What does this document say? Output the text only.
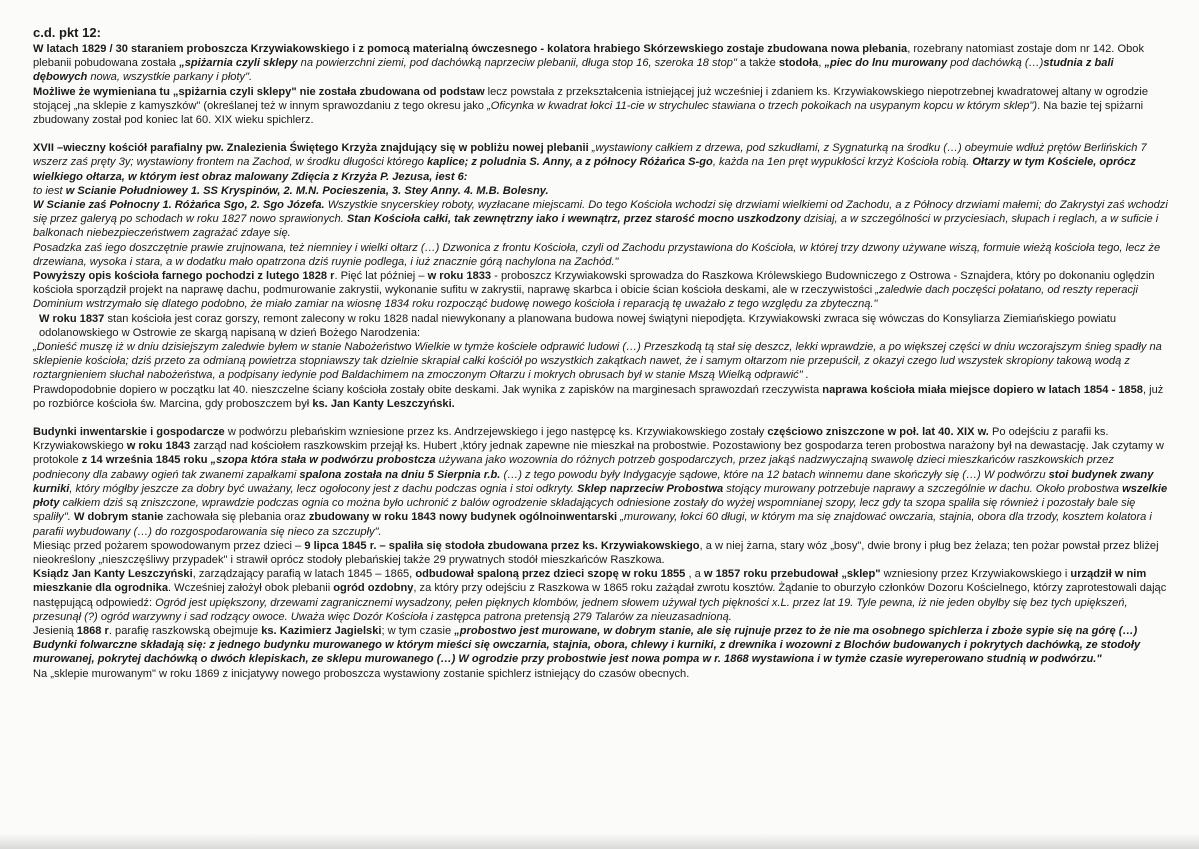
c.d. pkt 12:

W latach 1829 / 30 staraniem proboszcza Krzywiakowskiego i z pomocą materialną ówczesnego - kolatora hrabiego Skórzewskiego zostaje zbudowana nowa plebania, rozebrany natomiast zostaje dom nr 142. Obok plebanii pobudowana została „spiżarnia czyli sklepy na powierzchni ziemi, pod dachówką naprzeciw plebanii, długa stop 16, szeroka 18 stop" a także stodoła, „piec do lnu murowany pod dachówką (…)studnia z bali dębowych nowa, wszystkie parkany i płoty".

Możliwe że wymieniana tu „spiżarnia czyli sklepy" nie została zbudowana od podstaw lecz powstała z przekształcenia istniejącej już wcześniej i zdaniem ks. Krzywiakowskiego niepotrzebnej kwadratowej altany w ogrodzie stojącej „na sklepie z kamyszków" (określanej też w innym sprawozdaniu z tego okresu jako „Oficynka w kwadrat łokci 11-cie w strychulec stawiana o trzech pokoikach na usypanym kopcu w którym sklep"). Na bazie tej spiżarni zbudowany został pod koniec lat 60. XIX wieku spichlerz.

XVII –wieczny kościół parafialny pw. Znalezienia Świętego Krzyża znajdujący się w pobliżu nowej plebanii „wystawiony całkiem z drzewa, pod szkudłami, z Sygnaturką na środku (…) obeymuie wdłuż prętów Berlińskich 7 wszerz zaś pręty 3y; wystawiony frontem na Zachod, w środku długości którego kaplice; z poludnia S. Anny, a z północy Różańca S-go, każda na 1en pręt wypukłości krzyż Kościoła robią. Ołtarzy w tym Kościele, oprócz wielkiego ołtarza, w którym iest obraz malowany Zdięcia z Krzyża P. Jezusa, iest 6:

to iest w Scianie Południowey 1. SS Kryspinów, 2. M.N. Pocieszenia, 3. Stey Anny. 4. M.B. Bolesny.

W Scianie zaś Połnocny 1. Różańca Sgo, 2. Sgo Józefa. Wszystkie snycerskiey roboty, wyzłacane miejscami. Do tego Kościoła wchodzi się drzwiami wielkiemi od Zachodu, a z Północy drzwiami małemi; do Zakrystyi zaś wchodzi się przez galeryą po schodach w roku 1827 nowo sprawionych. Stan Kościoła całki, tak zewnętrzny iako i wewnątrz, przez starość mocno uszkodzony dzisiaj, a w szczególności w przyciesiach, słupach i reglach, a w suficie i balkonach niebezpieczeństwem zagrażać zdaye się.

Posadzka zaś iego doszczętnie prawie zrujnowana, też niemniey i wielki ołtarz (…) Dzwonica z frontu Kościoła, czyli od Zachodu przystawiona do Kościoła, w której trzy dzwony używane wiszą, formuie wieżą kościoła tego, lecz że drzewiana, wysoka i stara, a w dodatku mało opatrzona dziś ruynie podlega, i iuż znacznie górą nachylona na Zachód."

Powyższy opis kościoła farnego pochodzi z lutego 1828 r. Pięć lat później – w roku 1833 - proboszcz Krzywiakowski sprowadza do Raszkowa Królewskiego Budowniczego z Ostrowa - Sznajdera, który po dokonaniu oględzin kościoła sporządził projekt na naprawę dachu, podmurowanie zakrystii, wykonanie sufitu w zakrystii, naprawę skarbca i obicie ścian kościoła deskami, ale w rzeczywistości „zaledwie dach poczęści połatano, od reszty reperacji Dominium wstrzymało się dlatego podobno, że miało zamiar na wiosnę 1834 roku rozpocząć budowę nowego kościoła i reparacją tę uważało z tego względu za zbyteczną."

W roku 1837 stan kościoła jest coraz gorszy, remont zalecony w roku 1828 nadal niewykonany a planowana budowa nowej świątyni niepodjęta. Krzywiakowski zwraca się wówczas do Konsyliarza Ziemiańskiego powiatu odolanowskiego w Ostrowie ze skargą napisaną w dzień Bożego Narodzenia:

„Donieść muszę iż w dniu dzisiejszym zaledwie byłem w stanie Nabożeństwo Wielkie w tymże kościele odprawić ludowi (…) Przeszkodą tą stał się deszcz, lekki wprawdzie, a po większej części w dniu wczorajszym śnieg spadły na sklepienie kościoła; dziś przeto za odmianą powietrza stopniawszy tak dzielnie skrapiał całki kościół po wszystkich zakątkach nawet, że i samym ołtarzom nie przepuścił, z okazyi czego lud wszystek skropiony takową wodą z roztargnieniem słuchał nabożeństwa, a podpisany iedynie pod Baldachimem na zmoczonym Ołtarzu i mokrych obrusach był w stanie Mszą Wielką odprawić" .

Prawdopodobnie dopiero w początku lat 40. nieszczelne ściany kościoła zostały obite deskami. Jak wynika z zapisków na marginesach sprawozdań rzeczywista naprawa kościoła miała miejsce dopiero w latach 1854 - 1858, już po rozbiórce kościoła św. Marcina, gdy proboszczem był ks. Jan Kanty Leszczyński.

Budynki inwentarskie i gospodarcze w podwórzu plebańskim wzniesione przez ks. Andrzejewskiego i jego następcę ks. Krzywiakowskiego zostały częściowo zniszczone w poł. lat 40. XIX w. Po odejściu z parafii ks. Krzywiakowskiego w roku 1843 zarząd nad kościołem raszkowskim przejął ks. Hubert ,który jednak zapewne nie mieszkał na probostwie. Pozostawiony bez gospodarza teren probostwa narażony był na dewastację. Jak czytamy w protokole z 14 września 1845 roku „szopa która stała w podwórzu probostcza używana jako wozownia do różnych potrzeb gospodarczych, przez jakąś nadzwyczajną swawolę dzieci mieszkańców raszkowskich przez podniecony dla zabawy ogień tak zwanemi zapałkami spalona została na dniu 5 Sierpnia r.b. (…) z tego powodu były Indygacyje sądowe, które na 12 batach winnemu dane skończyły się (…) W podwórzu stoi budynek zwany kurniki, który mógłby jeszcze za dobry być uważany, lecz ogołocony jest z dachu podczas ognia i stoi odkryty. Sklep naprzeciw Probostwa stojący murowany potrzebuje naprawy a szczególnie w dachu. Około probostwa wszelkie płoty całkiem dziś są zniszczone, wprawdzie podczas ognia co można było uchronić z balów ogrodzenie składających odniesione zostały do wyżej wspomnianej szopy, lecz gdy ta szopa spaliła się również i pozostały bale się spaliły". W dobrym stanie zachowała się plebania oraz zbudowany w roku 1843 nowy budynek ogólnoinwentarski „murowany, łokci 60 długi, w którym ma się znajdować owczaria, stajnia, obora dla trzody, kosztem kolatora i parafii wybudowany (…) do rozgospodarowania się nieco za szczupły".

Miesiąc przed pożarem spowodowanym przez dzieci – 9 lipca 1845 r. – spaliła się stodoła zbudowana przez ks. Krzywiakowskiego, a w niej żarna, stary wóz „bosy", dwie brony i pług bez żelaza; ten pożar powstał przez bliżej nieokreślony „nieszczęśliwy przypadek" i strawił oprócz stodoły plebańskiej także 29 prywatnych stodół mieszkańców Raszkowa.

Ksiądz Jan Kanty Leszczyński, zarządzający parafią w latach 1845 – 1865, odbudował spaloną przez dzieci szopę w roku 1855 , a w 1857 roku przebudował „sklep" wzniesiony przez Krzywiakowskiego i urządził w nim mieszkanie dla ogrodnika. Wcześniej założył obok plebanii ogród ozdobny, za który przy odejściu z Raszkowa w 1865 roku zażądał zwrotu kosztów. Żądanie to oburzyło członków Dozoru Kościelnego, którzy zaprotestowali dając następującą odpowiedź: Ogród jest upiększony, drzewami zagranicznemi wysadzony, pełen pięknych klombów, jednem słowem używał tych piękności x.L. przez lat 19. Tyle pewna, iż nie jeden obyłby się bez tych upiększeń, przesunął (?) ogród warzywny i sad rodzący owoce. Uważa więc Dozór Kościoła i zastępca patrona pretensją 279 Talarów za nieuzasadnioną.

Jesienią 1868 r. parafię raszkowską obejmuje ks. Kazimierz Jagielski; w tym czasie „probostwo jest murowane, w dobrym stanie, ale się rujnuje przez to że nie ma osobnego spichlerza i zboże sypie się na górę (…) Budynki folwarczne składają się: z jednego budynku murowanego w którym mieści się owczarnia, stajnia, obora, chlewy i kurniki, z drewnika i wozowni z Blochów budowanych i pokrytych dachówką, ze stodoły murowanej, pokrytej dachówką o dwóch klepiskach, ze sklepu murowanego (…) W ogrodzie przy probostwie jest nowa pompa w r. 1868 wystawiona i w tymże czasie wyreperowano studnią w podwórzu."

Na „sklepie murowanym" w roku 1869 z inicjatywy nowego proboszcza wystawiony zostanie spichlerz istniejący do czasów obecnych.
